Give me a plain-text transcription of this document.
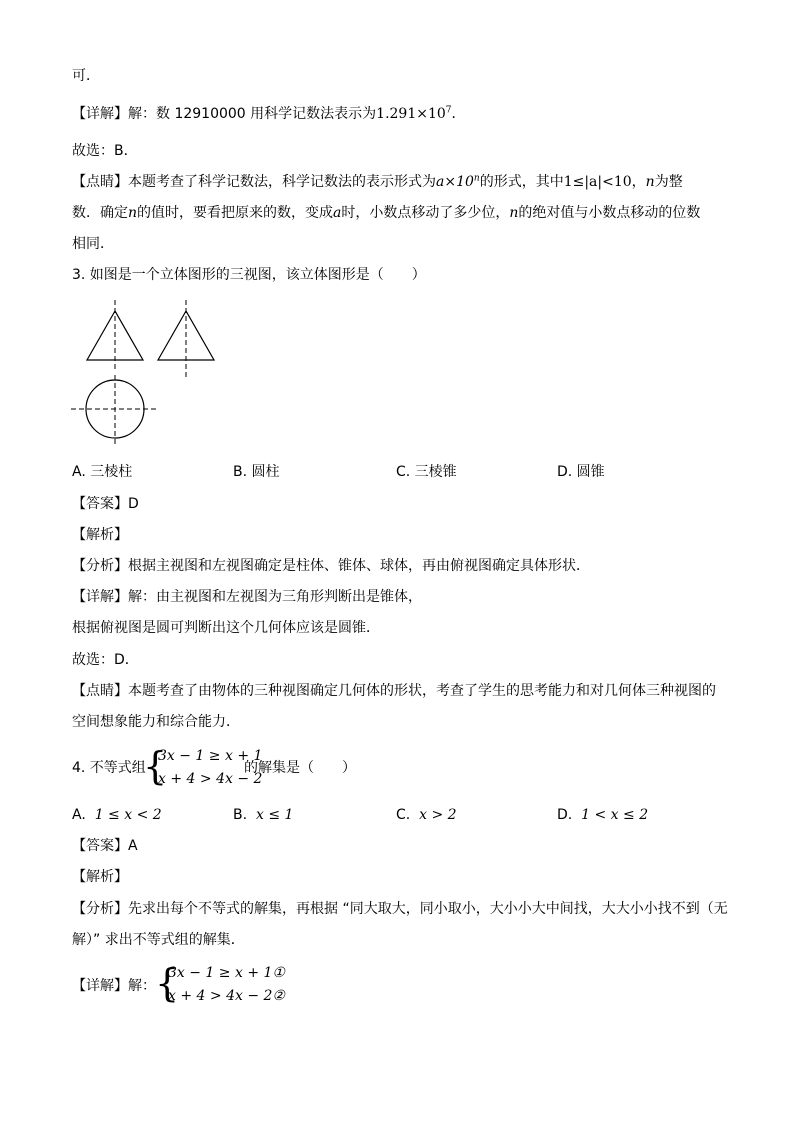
可．
【详解】解：数 12910000 用科学记数法表示为$1.291\times 10^7$．
故选：B．
【点睛】本题考查了科学记数法，科学记数法的表示形式为$a\times 10^n$的形式，其中1≤|a|<10，n为整
数．确定n的值时，要看把原来的数，变成a时，小数点移动了多少位，n的绝对值与小数点移动的位数
相同．
3. 如图是一个立体图形的三视图，该立体图形是（　　）
A. 三棱柱	B. 圆柱	C. 三棱锥	D. 圆锥
【答案】D
【解析】
【分析】根据主视图和左视图确定是柱体、锥体、球体，再由俯视图确定具体形状．
【详解】解：由主视图和左视图为三角形判断出是锥体，
根据俯视图是圆可判断出这个几何体应该是圆锥．
故选：D．
【点睛】本题考查了由物体的三种视图确定几何体的形状，考查了学生的思考能力和对几何体三种视图的
空间想象能力和综合能力．
4. 不等式组
{
3x − 1 ≥ x + 1
x + 4 > 4x − 2
的解集是（　　）
A. 1 ≤ x < 2	B. x ≤ 1	C. x > 2	D. 1 < x ≤ 2
【答案】A
【解析】
【分析】先求出每个不等式的解集，再根据 “同大取大，同小取小，大小小大中间找，大大小小找不到（无
解）” 求出不等式组的解集．
【详解】解： {
3x − 1 ≥ x + 1①
x + 4 > 4x − 2②
